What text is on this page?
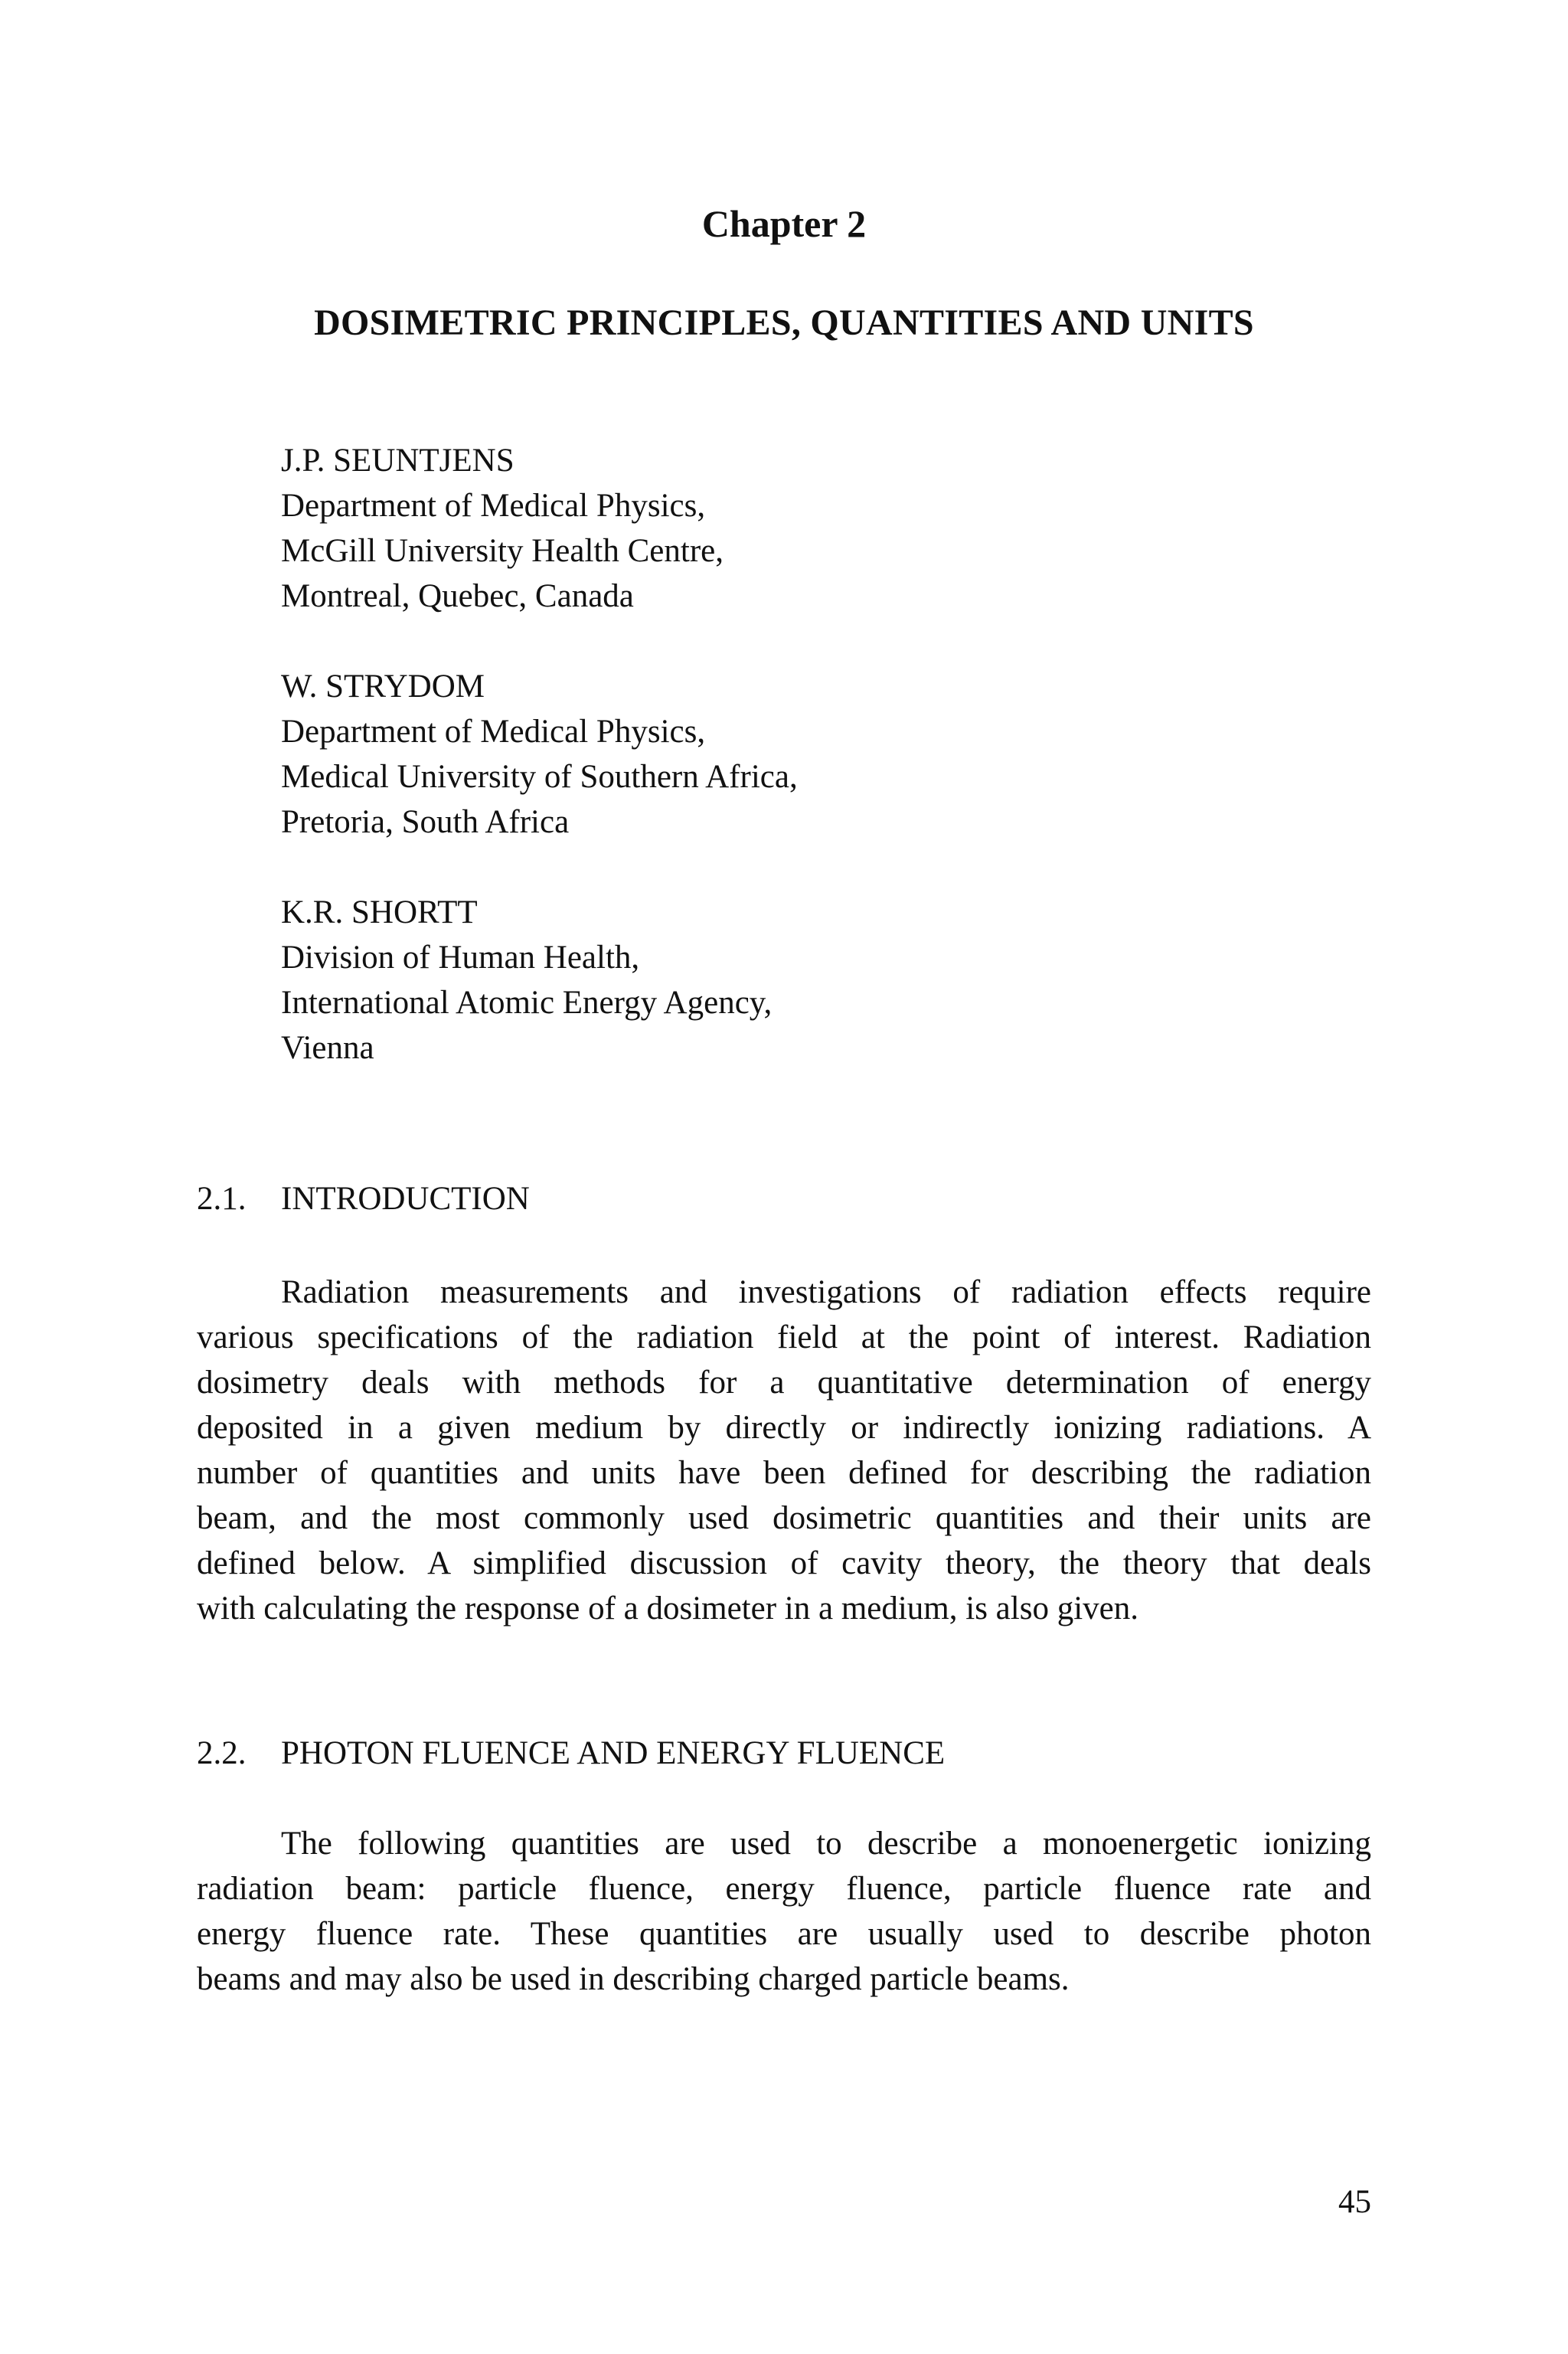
Chapter 2
DOSIMETRIC PRINCIPLES, QUANTITIES AND UNITS
J.P. SEUNTJENS
Department of Medical Physics,
McGill University Health Centre,
Montreal, Quebec, Canada
W. STRYDOM
Department of Medical Physics,
Medical University of Southern Africa,
Pretoria, South Africa
K.R. SHORTT
Division of Human Health,
International Atomic Energy Agency,
Vienna
2.1. INTRODUCTION
Radiation measurements and investigations of radiation effects require
various specifications of the radiation field at the point of interest. Radiation
dosimetry deals with methods for a quantitative determination of energy
deposited in a given medium by directly or indirectly ionizing radiations. A
number of quantities and units have been defined for describing the radiation
beam, and the most commonly used dosimetric quantities and their units are
defined below. A simplified discussion of cavity theory, the theory that deals
with calculating the response of a dosimeter in a medium, is also given.
2.2. PHOTON FLUENCE AND ENERGY FLUENCE
The following quantities are used to describe a monoenergetic ionizing
radiation beam: particle fluence, energy fluence, particle fluence rate and
energy fluence rate. These quantities are usually used to describe photon
beams and may also be used in describing charged particle beams.
45
